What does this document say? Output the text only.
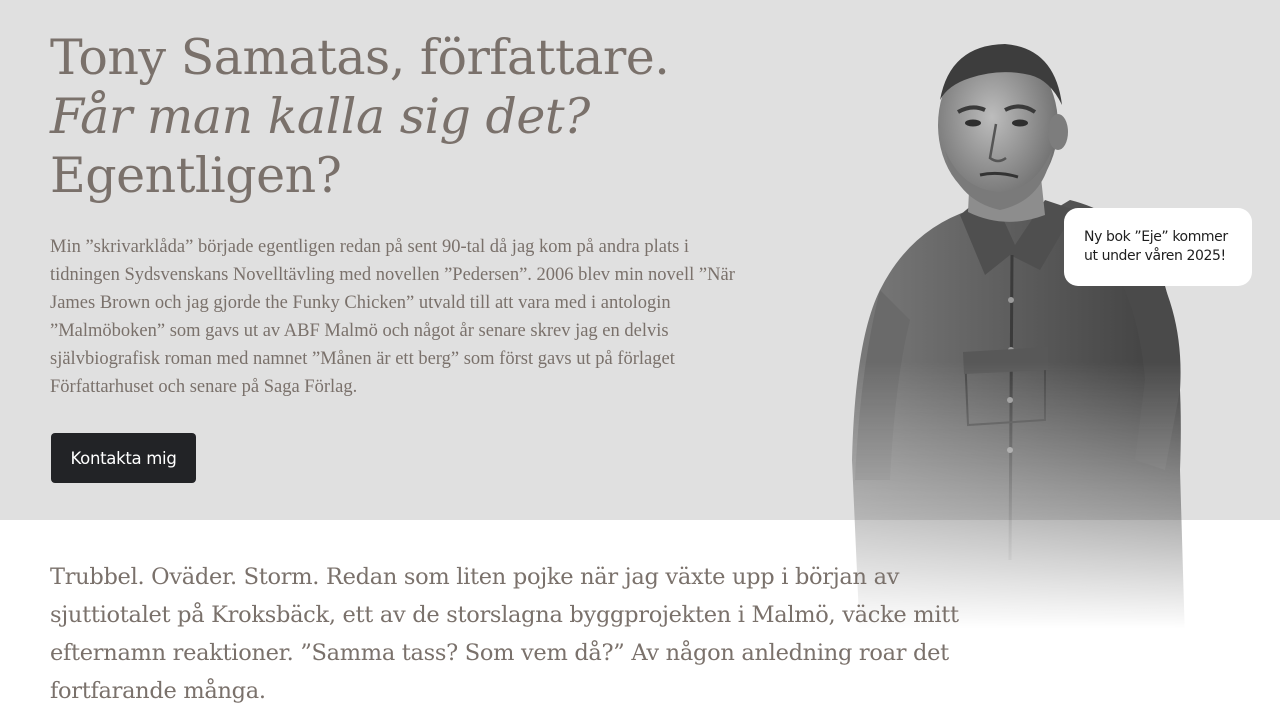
Tony Samatas, författare.
Får man kalla sig det?
Egentligen?

Min ”skrivarklåda” började egentligen redan på sent 90-tal då jag kom på andra plats i tidningen Sydsvenskans Novelltävling med novellen ”Pedersen”. 2006 blev min novell ”När James Brown och jag gjorde the Funky Chicken” utvald till att vara med i antologin ”Malmöboken” som gavs ut av ABF Malmö och något år senare skrev jag en delvis självbiografisk roman med namnet ”Månen är ett berg” som först gavs ut på förlaget Författarhuset och senare på Saga Förlag.

Kontakta mig
Ny bok ”Eje” kommer ut under våren 2025!

Trubbel. Oväder. Storm. Redan som liten pojke när jag växte upp i början av sjuttiotalet på Kroksbäck, ett av de storslagna byggprojekten i Malmö, väcke mitt efternamn reaktioner. ”Samma tass? Som vem då?” Av någon anledning roar det fortfarande många.
